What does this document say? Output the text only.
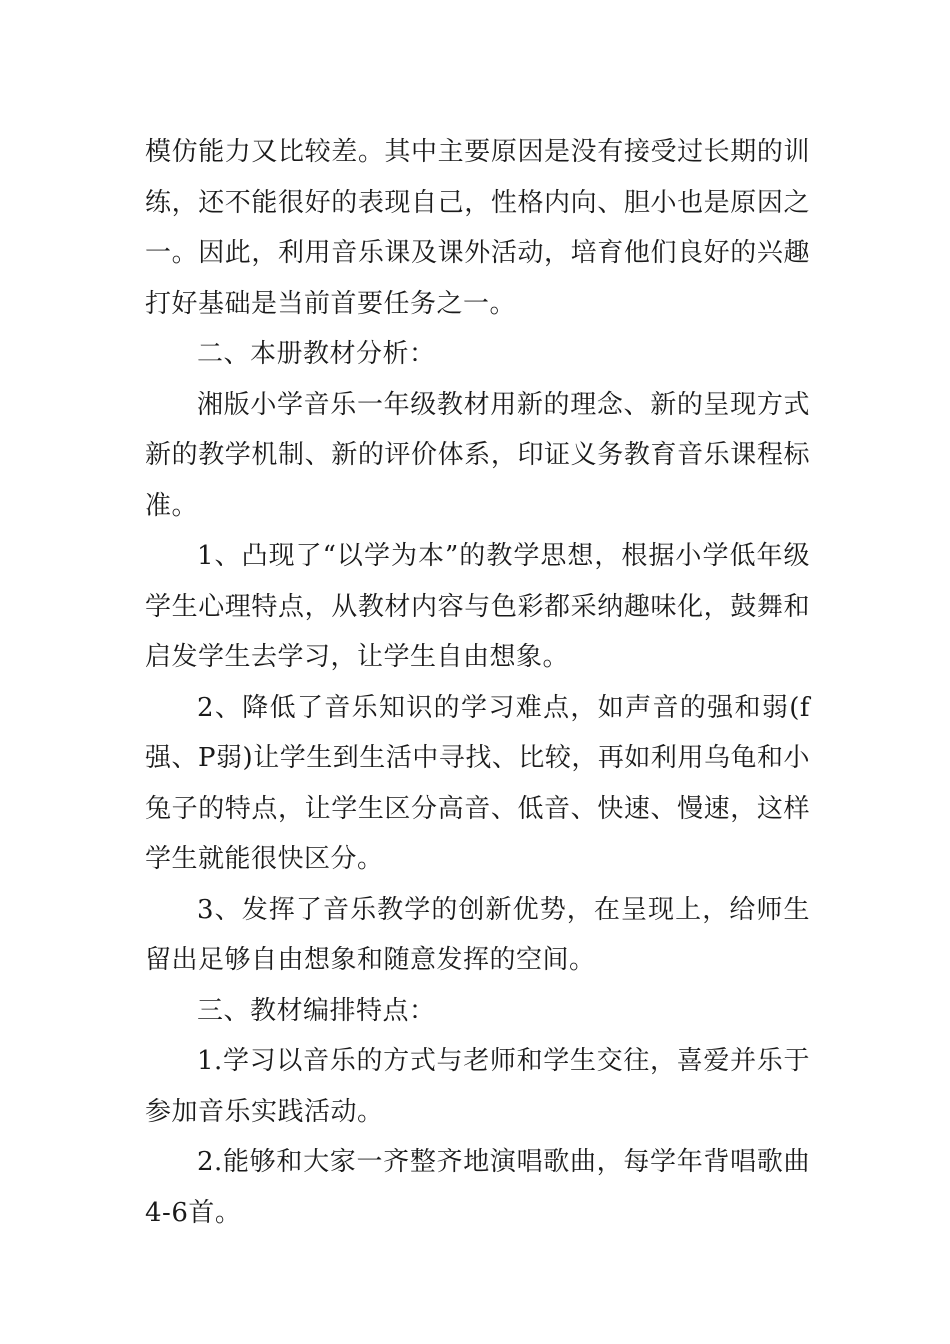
模仿能力又比较差。其中主要原因是没有接受过长期的训练，还不能很好的表现自己，性格内向、胆小也是原因之一。因此，利用音乐课及课外活动，培育他们良好的兴趣打好基础是当前首要任务之一。

二、本册教材分析：

湘版小学音乐一年级教材用新的理念、新的呈现方式新的教学机制、新的评价体系，印证义务教育音乐课程标准。

1、凸现了“以学为本”的教学思想，根据小学低年级学生心理特点，从教材内容与色彩都采纳趣味化，鼓舞和启发学生去学习，让学生自由想象。

2、降低了音乐知识的学习难点，如声音的强和弱(f强、P弱)让学生到生活中寻找、比较，再如利用乌龟和小兔子的特点，让学生区分高音、低音、快速、慢速，这样学生就能很快区分。

3、发挥了音乐教学的创新优势，在呈现上，给师生留出足够自由想象和随意发挥的空间。

三、教材编排特点：

1.学习以音乐的方式与老师和学生交往，喜爱并乐于参加音乐实践活动。

2.能够和大家一齐整齐地演唱歌曲，每学年背唱歌曲4-6首。
